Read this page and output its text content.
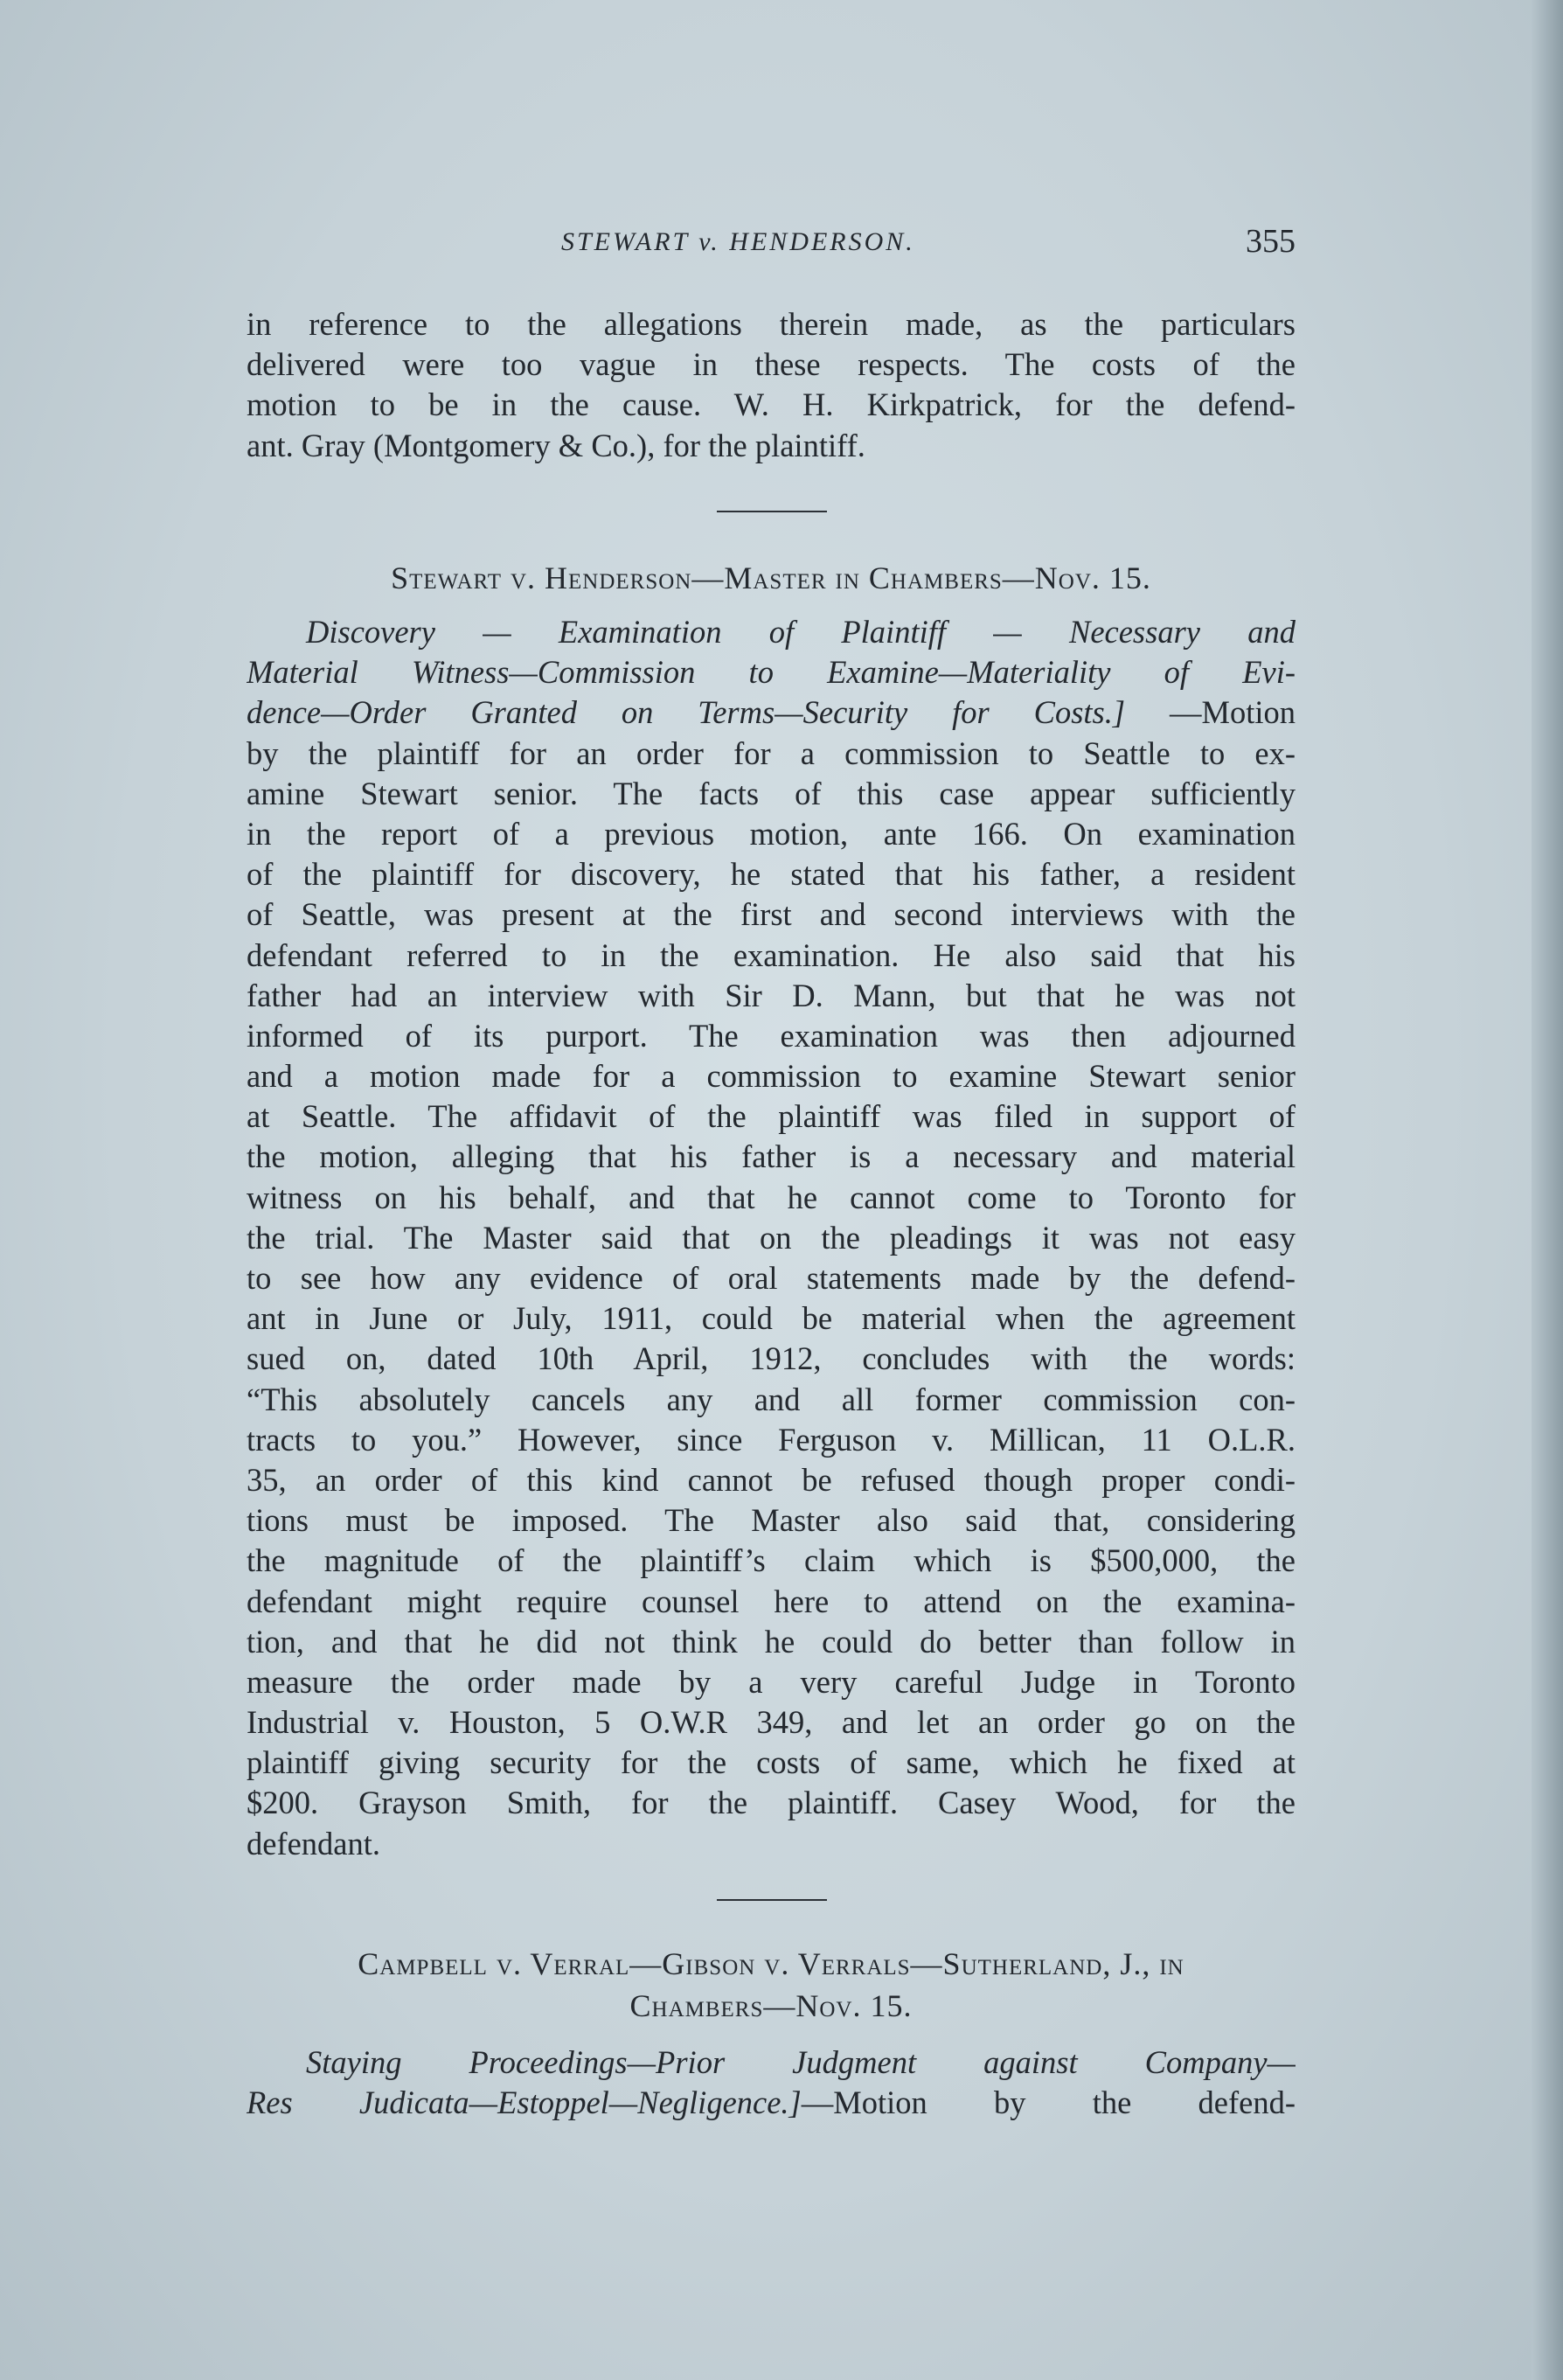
STEWART v. HENDERSON.	355
in reference to the allegations therein made, as the particulars
delivered were too vague in these respects. The costs of the
motion to be in the cause. W. H. Kirkpatrick, for the defend-
ant. Gray (Montgomery & Co.), for the plaintiff.
Stewart v. Henderson—Master in Chambers—Nov. 15.
Discovery — Examination of Plaintiff — Necessary and
Material Witness—Commission to Examine—Materiality of Evi-
dence—Order Granted on Terms—Security for Costs.] —Motion
by the plaintiff for an order for a commission to Seattle to ex-
amine Stewart senior. The facts of this case appear sufficiently
in the report of a previous motion, ante 166. On examination
of the plaintiff for discovery, he stated that his father, a resident
of Seattle, was present at the first and second interviews with the
defendant referred to in the examination. He also said that his
father had an interview with Sir D. Mann, but that he was not
informed of its purport. The examination was then adjourned
and a motion made for a commission to examine Stewart senior
at Seattle. The affidavit of the plaintiff was filed in support of
the motion, alleging that his father is a necessary and material
witness on his behalf, and that he cannot come to Toronto for
the trial. The Master said that on the pleadings it was not easy
to see how any evidence of oral statements made by the defend-
ant in June or July, 1911, could be material when the agreement
sued on, dated 10th April, 1912, concludes with the words:
“This absolutely cancels any and all former commission con-
tracts to you.” However, since Ferguson v. Millican, 11 O.L.R.
35, an order of this kind cannot be refused though proper condi-
tions must be imposed. The Master also said that, considering
the magnitude of the plaintiff’s claim which is $500,000, the
defendant might require counsel here to attend on the examina-
tion, and that he did not think he could do better than follow in
measure the order made by a very careful Judge in Toronto
Industrial v. Houston, 5 O.W.R 349, and let an order go on the
plaintiff giving security for the costs of same, which he fixed at
$200. Grayson Smith, for the plaintiff. Casey Wood, for the
defendant.
Campbell v. Verral—Gibson v. Verrals—Sutherland, J., in
Chambers—Nov. 15.
Staying Proceedings—Prior Judgment against Company—
Res Judicata—Estoppel—Negligence.]—Motion by the defend-
